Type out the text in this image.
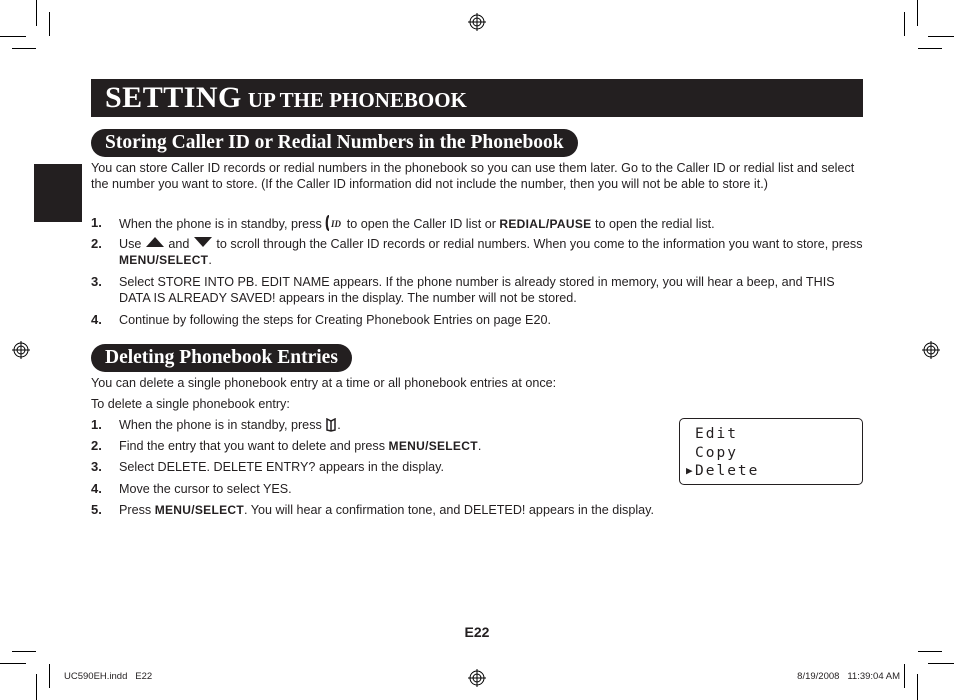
SETTING UP THE PHONEBOOK
Storing Caller ID or Redial Numbers in the Phonebook
You can store Caller ID records or redial numbers in the phonebook so you can use them later. Go to the Caller ID or redial list and select the number you want to store. (If the Caller ID information did not include the number, then you will not be able to store it.)
1. When the phone is in standby, press ID to open the Caller ID list or REDIAL/PAUSE to open the redial list.
2. Use  and  to scroll through the Caller ID records or redial numbers. When you come to the information you want to store, press MENU/SELECT.
3. Select STORE INTO PB. EDIT NAME appears. If the phone number is already stored in memory, you will hear a beep, and THIS DATA IS ALREADY SAVED! appears in the display. The number will not be stored.
4. Continue by following the steps for Creating Phonebook Entries on page E20.
Deleting Phonebook Entries
You can delete a single phonebook entry at a time or all phonebook entries at once:
To delete a single phonebook entry:
1. When the phone is in standby, press .
2. Find the entry that you want to delete and press MENU/SELECT.
3. Select DELETE. DELETE ENTRY? appears in the display.
4. Move the cursor to select YES.
5. Press MENU/SELECT. You will hear a confirmation tone, and DELETED! appears in the display.
Edit
Copy
▶ Delete
E22
UC590EH.indd   E22	8/19/2008   11:39:04 AM
